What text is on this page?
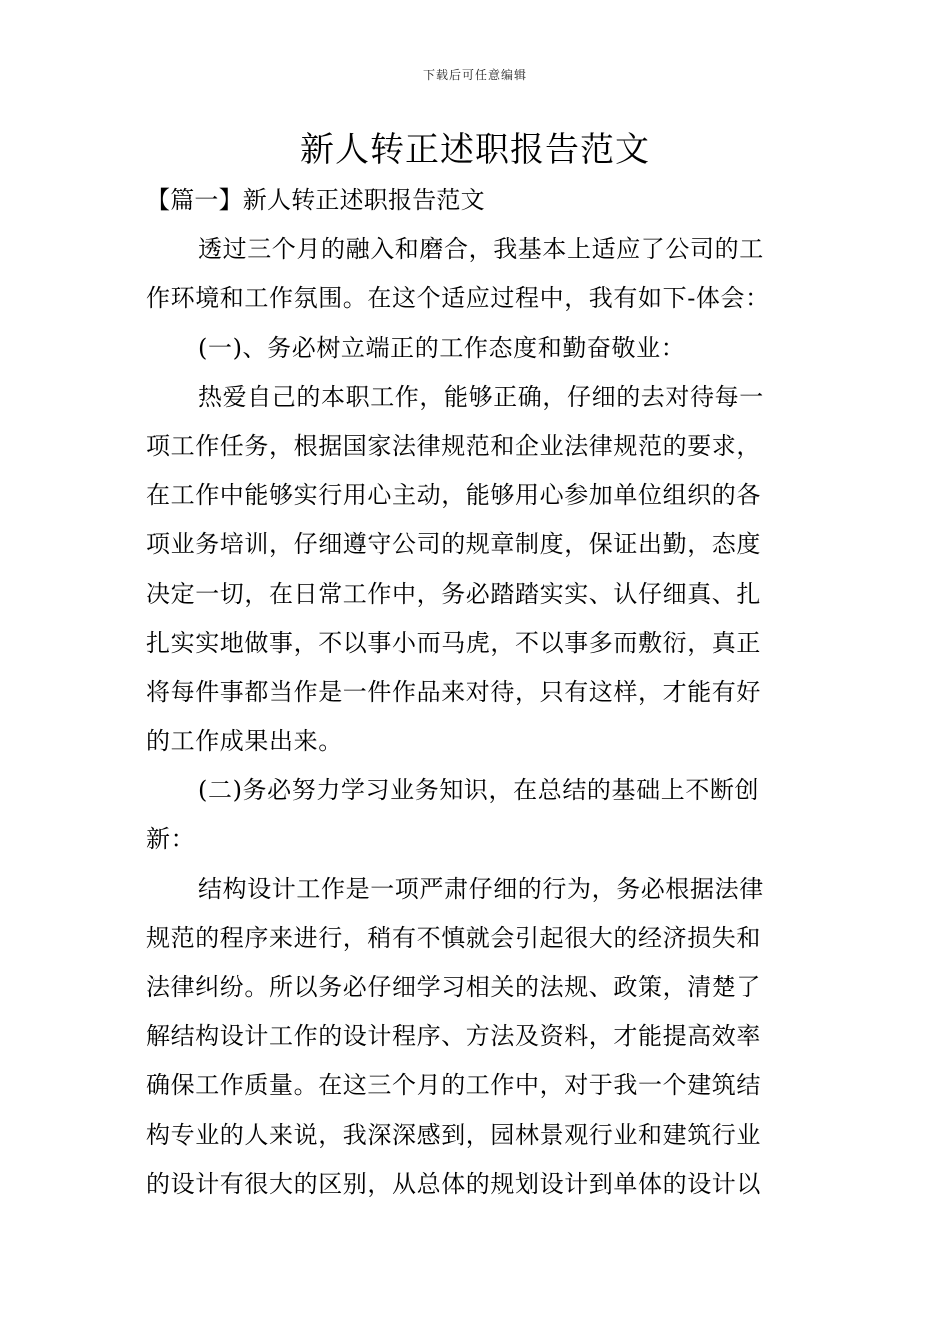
下载后可任意编辑
新人转正述职报告范文
【篇一】新人转正述职报告范文
透过三个月的融入和磨合，我基本上适应了公司的工
作环境和工作氛围。在这个适应过程中，我有如下-体会：
(一)、务必树立端正的工作态度和勤奋敬业：
热爱自己的本职工作，能够正确，仔细的去对待每一
项工作任务，根据国家法律规范和企业法律规范的要求，
在工作中能够实行用心主动，能够用心参加单位组织的各
项业务培训，仔细遵守公司的规章制度，保证出勤，态度
决定一切，在日常工作中，务必踏踏实实、认仔细真、扎
扎实实地做事，不以事小而马虎，不以事多而敷衍，真正
将每件事都当作是一件作品来对待，只有这样，才能有好
的工作成果出来。
(二)务必努力学习业务知识，在总结的基础上不断创
新：
结构设计工作是一项严肃仔细的行为，务必根据法律
规范的程序来进行，稍有不慎就会引起很大的经济损失和
法律纠纷。所以务必仔细学习相关的法规、政策，清楚了
解结构设计工作的设计程序、方法及资料，才能提高效率
确保工作质量。在这三个月的工作中，对于我一个建筑结
构专业的人来说，我深深感到，园林景观行业和建筑行业
的设计有很大的区别，从总体的规划设计到单体的设计以
